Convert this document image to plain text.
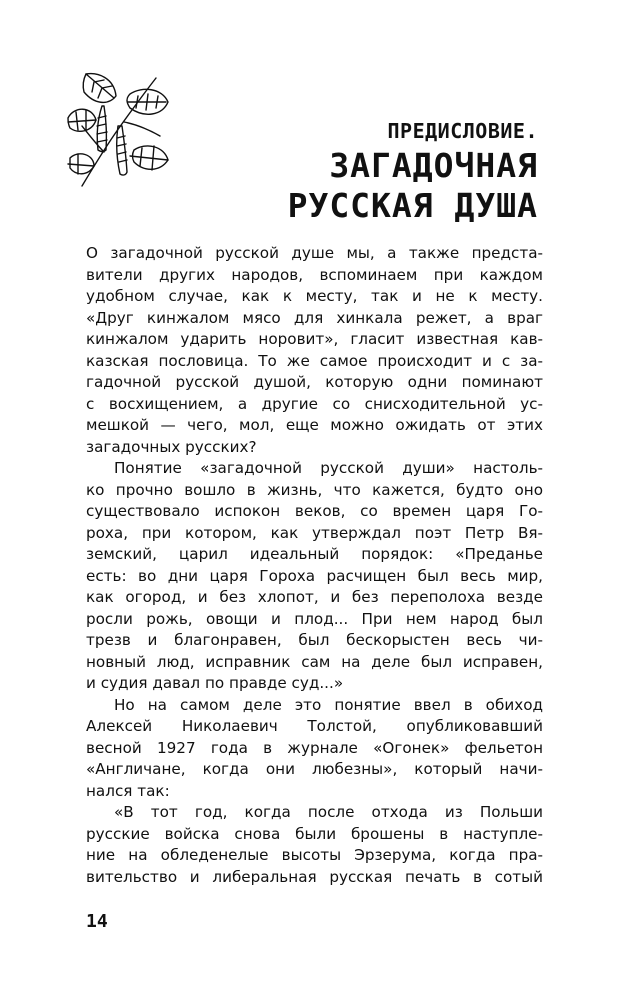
ПРЕДИСЛОВИЕ.
ЗАГАДОЧНАЯ
РУССКАЯ ДУША

О загадочной русской душе мы, а также предста-

вители других народов, вспоминаем при каждом

удобном случае, как к месту, так и не к месту.

«Друг кинжалом мясо для хинкала режет, а враг

кинжалом ударить норовит», гласит известная кав-

казская пословица. То же самое происходит и с за-

гадочной русской душой, которую одни поминают

с восхищением, а другие со снисходительной ус-

мешкой — чего, мол, еще можно ожидать от этих

загадочных русских?

Понятие «загадочной русской души» настоль-

ко прочно вошло в жизнь, что кажется, будто оно

существовало испокон веков, со времен царя Го-

роха, при котором, как утверждал поэт Петр Вя-

земский, царил идеальный порядок: «Преданье

есть: во дни царя Гороха расчищен был весь мир,

как огород, и без хлопот, и без переполоха везде

росли рожь, овощи и плод... При нем народ был

трезв и благонравен, был бескорыстен весь чи-

новный люд, исправник сам на деле был исправен,

и судия давал по правде суд...»

Но на самом деле это понятие ввел в обиход

Алексей Николаевич Толстой, опубликовавший

весной 1927 года в журнале «Огонек» фельетон

«Англичане, когда они любезны», который начи-

нался так:

«В тот год, когда после отхода из Польши

русские войска снова были брошены в наступле-

ние на обледенелые высоты Эрзерума, когда пра-

вительство и либеральная русская печать в сотый

14
